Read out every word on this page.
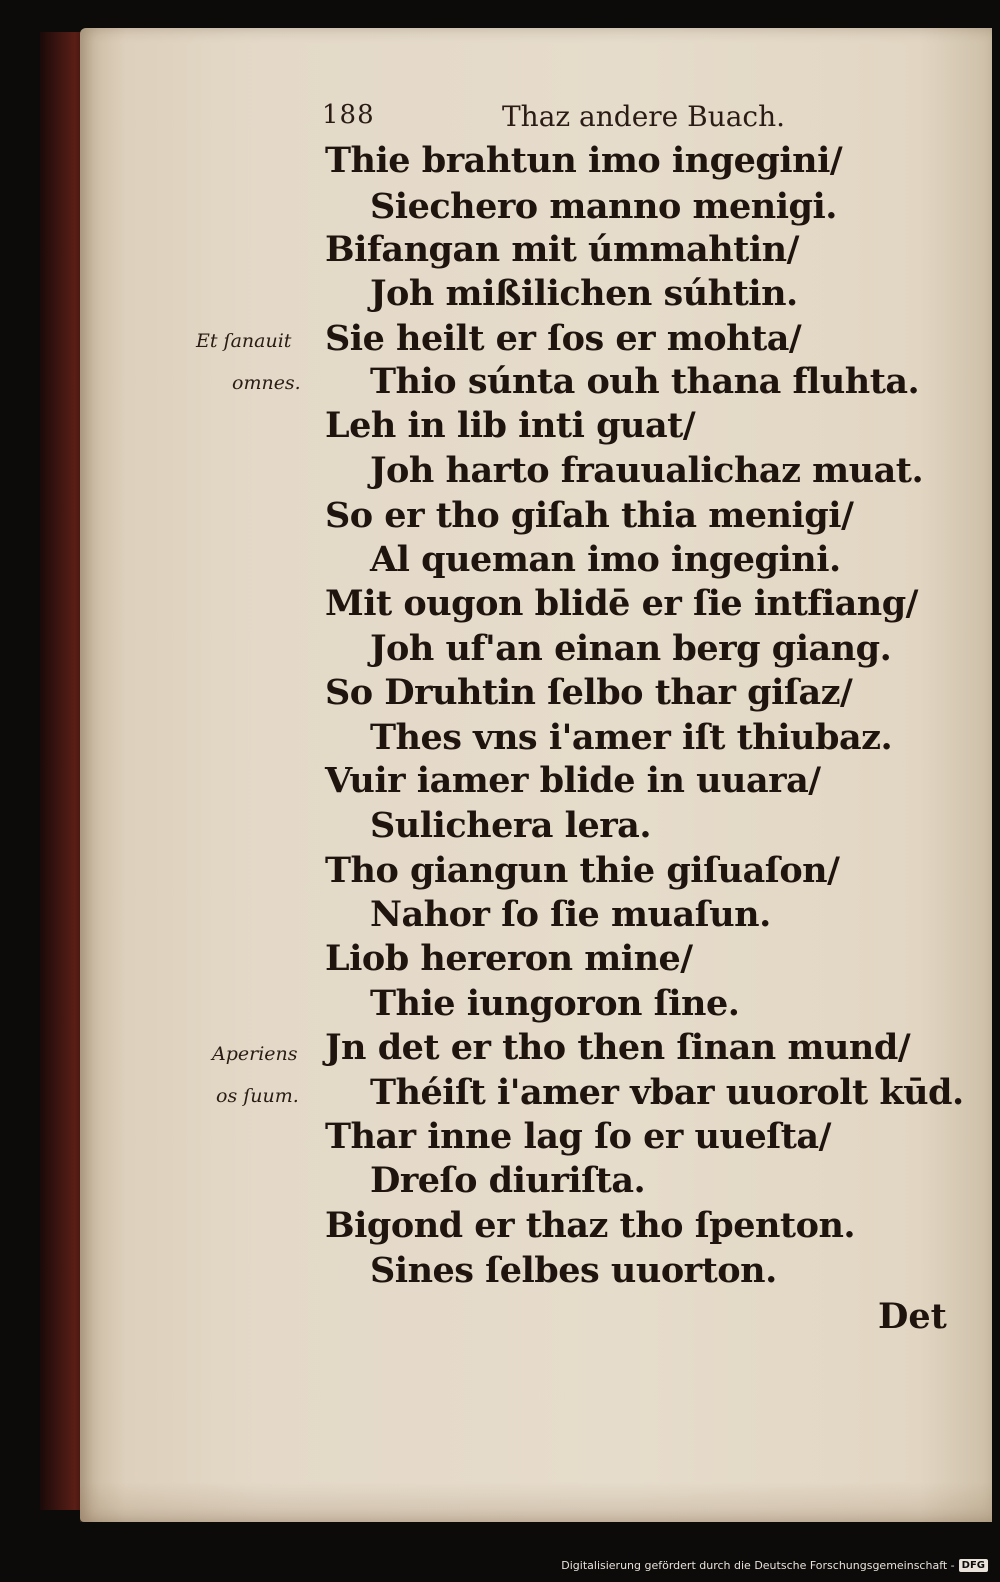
188	Thaz andere Buach.
Thie brahtun imo ingegini/
Siechero manno menigi.
Bifangan mit úmmahtin/
Joh mißilichen súhtin.
Sie heilt er ſos er mohta/
Thio súnta ouh thana fluhta.
Leh in lib inti guat/
Joh harto frauualichaz muat.
So er tho giſah thia menigi/
Al queman imo ingegini.
Mit ougon blidē er ſie intfiang/
Joh uf'an einan berg giang.
So Druhtin ſelbo thar giſaz/
Thes vns i'amer iſt thiubaz.
Vuir iamer blide in uuara/
Sulichera lera.
Tho giangun thie giſuaſon/
Nahor ſo ſie muaſun.
Liob hereron mine/
Thie iungoron ſine.
Jn det er tho then ſinan mund/
Théiſt i'amer vbar uuorolt kūd.
Thar inne lag ſo er uueſta/
Dreſo diuriſta.
Bigond er thaz tho ſpenton.
Sines ſelbes uuorton.
Det
Et ſanauit
omnes.
Aperiens
os ſuum.
Digitalisierung gefördert durch die Deutsche Forschungsgemeinschaft - DFG
